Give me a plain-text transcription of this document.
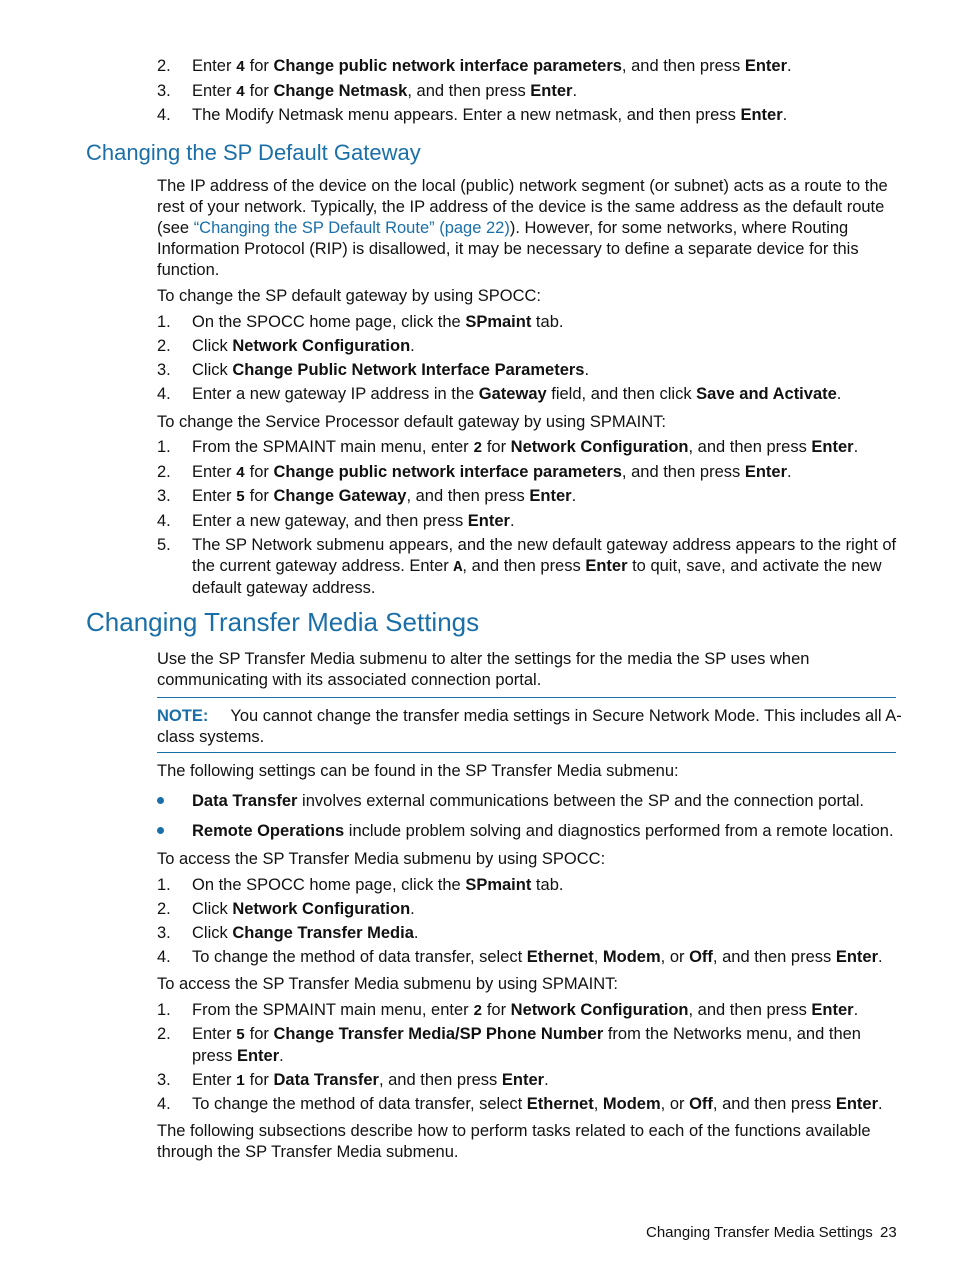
2. Enter 4 for Change public network interface parameters, and then press Enter.
3. Enter 4 for Change Netmask, and then press Enter.
4. The Modify Netmask menu appears. Enter a new netmask, and then press Enter.
Changing the SP Default Gateway
The IP address of the device on the local (public) network segment (or subnet) acts as a route to the rest of your network. Typically, the IP address of the device is the same address as the default route (see “Changing the SP Default Route” (page 22)). However, for some networks, where Routing Information Protocol (RIP) is disallowed, it may be necessary to define a separate device for this function.
To change the SP default gateway by using SPOCC:
1. On the SPOCC home page, click the SPmaint tab.
2. Click Network Configuration.
3. Click Change Public Network Interface Parameters.
4. Enter a new gateway IP address in the Gateway field, and then click Save and Activate.
To change the Service Processor default gateway by using SPMAINT:
1. From the SPMAINT main menu, enter 2 for Network Configuration, and then press Enter.
2. Enter 4 for Change public network interface parameters, and then press Enter.
3. Enter 5 for Change Gateway, and then press Enter.
4. Enter a new gateway, and then press Enter.
5. The SP Network submenu appears, and the new default gateway address appears to the right of the current gateway address. Enter A, and then press Enter to quit, save, and activate the new default gateway address.
Changing Transfer Media Settings
Use the SP Transfer Media submenu to alter the settings for the media the SP uses when communicating with its associated connection portal.
NOTE: You cannot change the transfer media settings in Secure Network Mode. This includes all A-class systems.
The following settings can be found in the SP Transfer Media submenu:
Data Transfer involves external communications between the SP and the connection portal.
Remote Operations include problem solving and diagnostics performed from a remote location.
To access the SP Transfer Media submenu by using SPOCC:
1. On the SPOCC home page, click the SPmaint tab.
2. Click Network Configuration.
3. Click Change Transfer Media.
4. To change the method of data transfer, select Ethernet, Modem, or Off, and then press Enter.
To access the SP Transfer Media submenu by using SPMAINT:
1. From the SPMAINT main menu, enter 2 for Network Configuration, and then press Enter.
2. Enter 5 for Change Transfer Media/SP Phone Number from the Networks menu, and then press Enter.
3. Enter 1 for Data Transfer, and then press Enter.
4. To change the method of data transfer, select Ethernet, Modem, or Off, and then press Enter.
The following subsections describe how to perform tasks related to each of the functions available through the SP Transfer Media submenu.
Changing Transfer Media Settings 23
